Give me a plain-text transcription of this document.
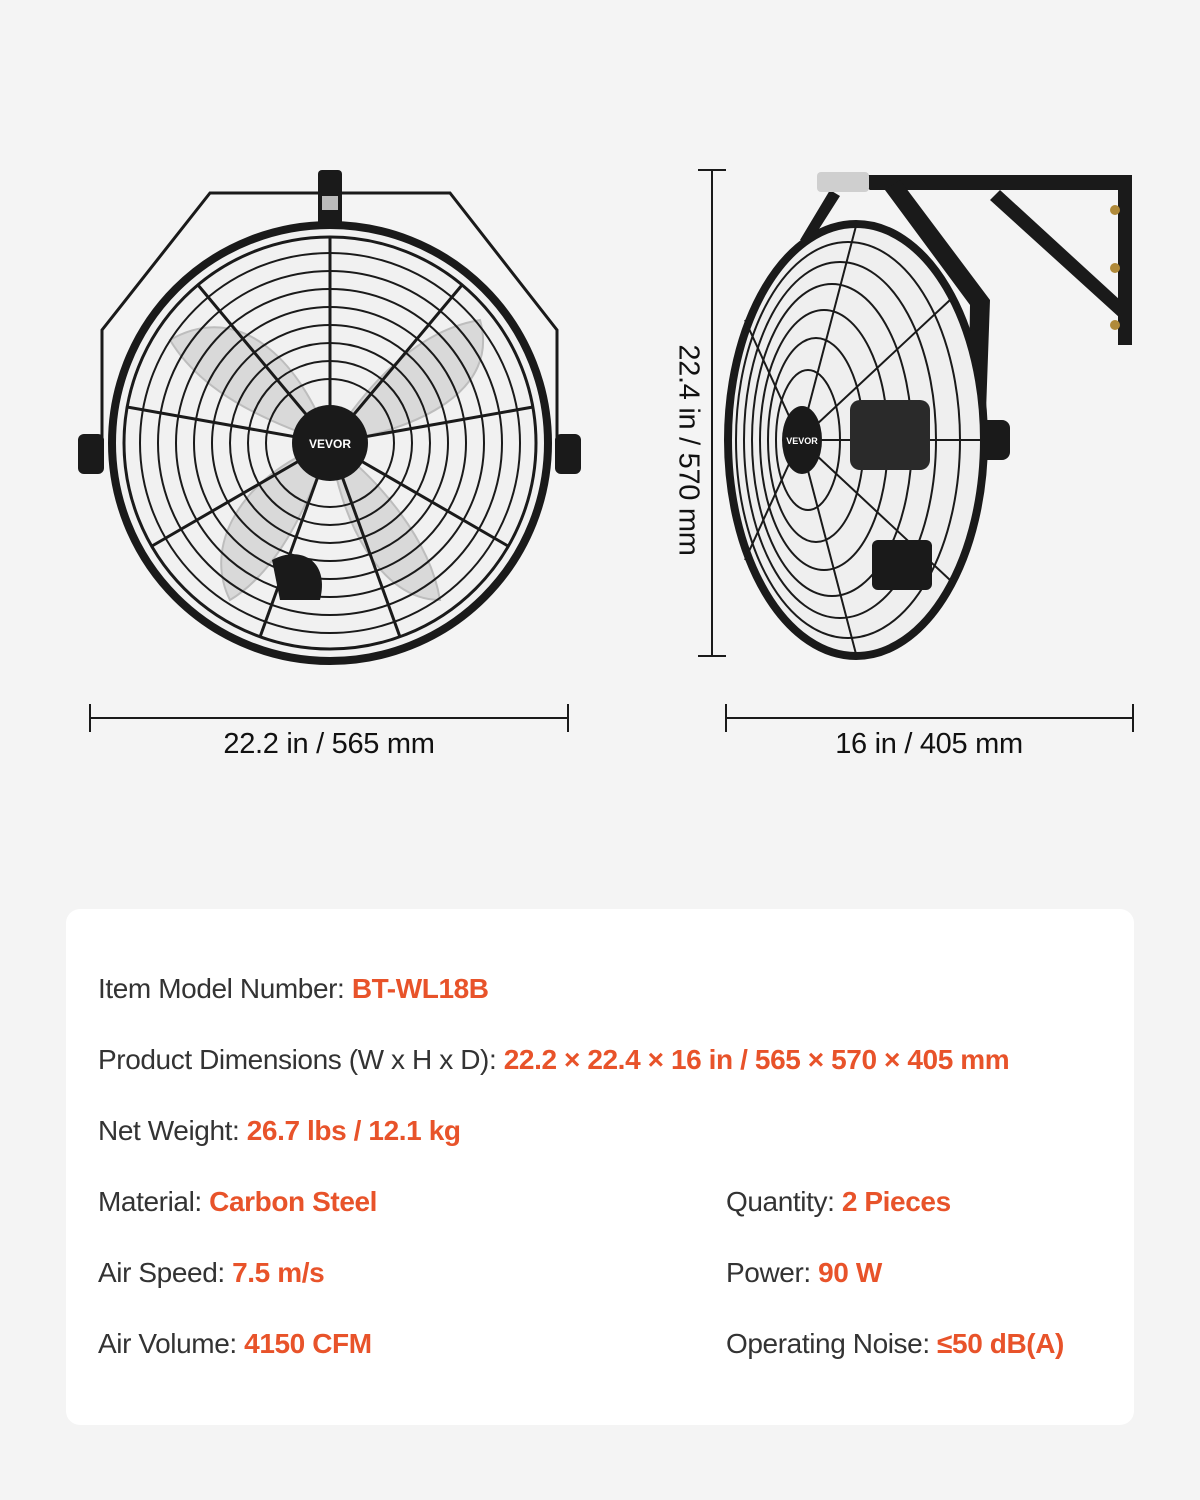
VEVOR	VEVOR
22.2 in / 565 mm	16 in / 405 mm
22.4 in / 570 mm
Item Model Number: BT-WL18B
Product Dimensions (W x H x D): 22.2 × 22.4 × 16 in / 565 × 570 × 405 mm
Net Weight: 26.7 lbs / 12.1 kg
Material: Carbon Steel	Quantity: 2 Pieces
Air Speed: 7.5 m/s	Power: 90 W
Air Volume: 4150 CFM	Operating Noise: ≤50 dB(A)
